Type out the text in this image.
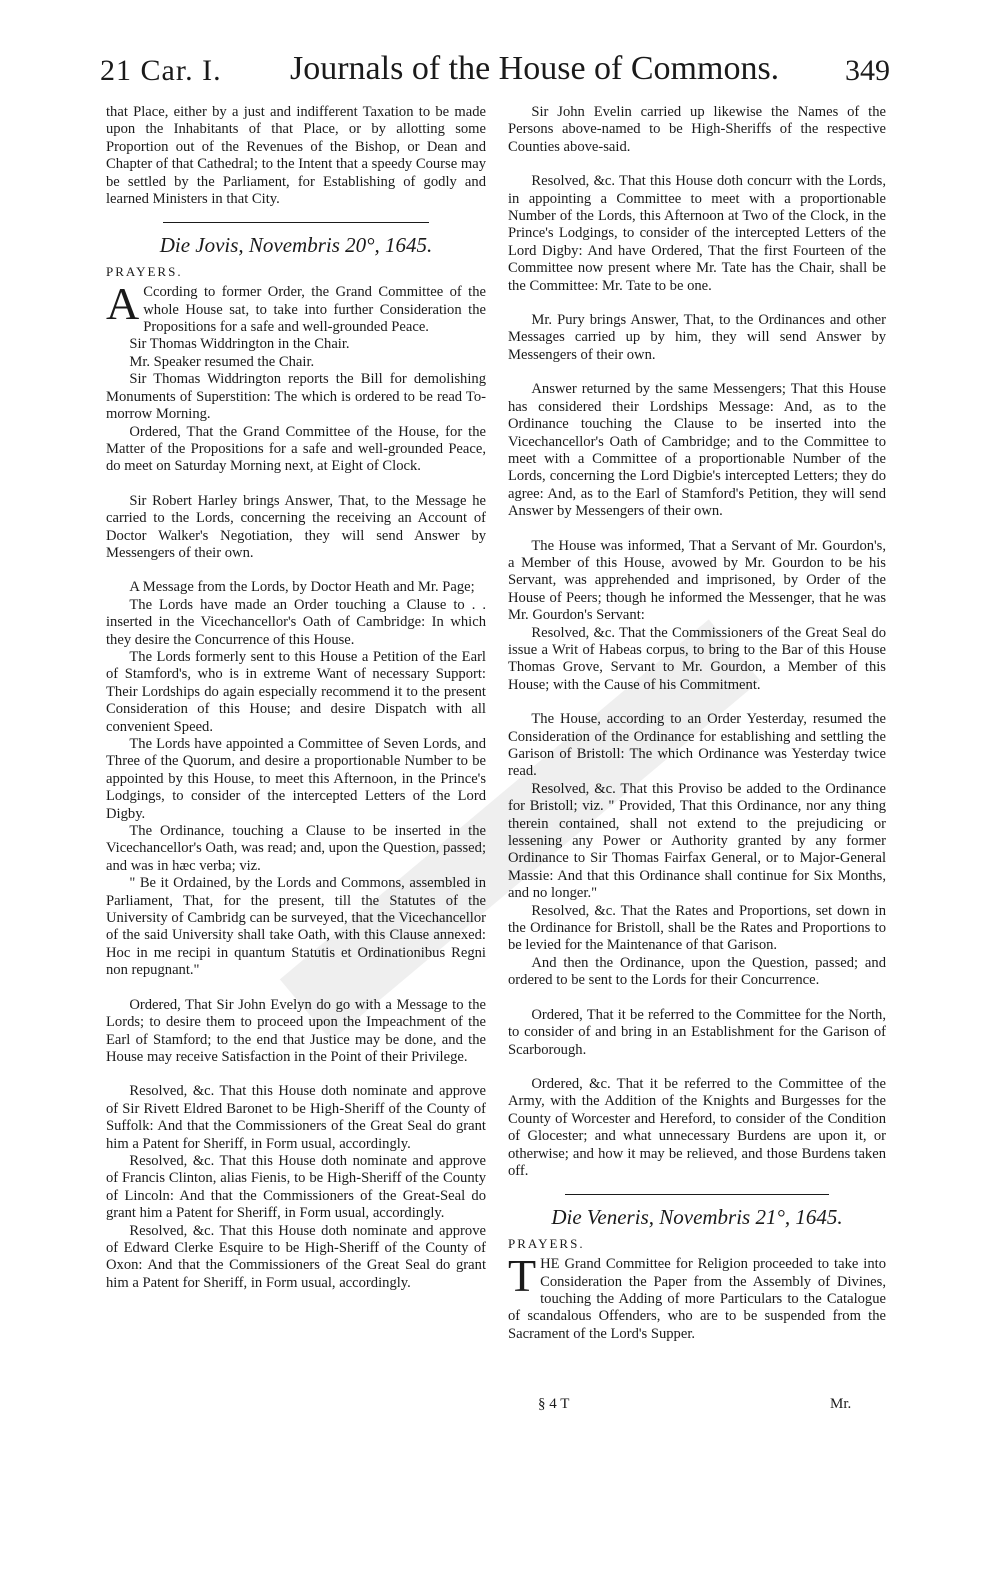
21 Car. I. Journals of the House of Commons. 349

that Place, either by a just and indifferent Taxation to be made upon the Inhabitants of that Place, or by allotting some Proportion out of the Revenues of the Bishop, or Dean and Chapter of that Cathedral; to the Intent that a speedy Course may be settled by the Parliament, for Establishing of godly and learned Ministers in that City.

Die Jovis, Novembris 20°, 1645.

PRAYERS.

A Ccording to former Order, the Grand Committee of the whole House sat, to take into further Consideration the Propositions for a safe and well-grounded Peace.

Sir Thomas Widdrington in the Chair.

Mr. Speaker resumed the Chair.

Sir Thomas Widdrington reports the Bill for demolishing Monuments of Superstition: The which is ordered to be read To-morrow Morning.

Ordered, That the Grand Committee of the House, for the Matter of the Propositions for a safe and well-grounded Peace, do meet on Saturday Morning next, at Eight of Clock.

Sir Robert Harley brings Answer, That, to the Message he carried to the Lords, concerning the receiving an Account of Doctor Walker's Negotiation, they will send Answer by Messengers of their own.

A Message from the Lords, by Doctor Heath and Mr. Page;

The Lords have made an Order touching a Clause to . . inserted in the Vicechancellor's Oath of Cambridge: In which they desire the Concurrence of this House.

The Lords formerly sent to this House a Petition of the Earl of Stamford's, who is in extreme Want of necessary Support: Their Lordships do again especially recommend it to the present Consideration of this House; and desire Dispatch with all convenient Speed.

The Lords have appointed a Committee of Seven Lords, and Three of the Quorum, and desire a proportionable Number to be appointed by this House, to meet this Afternoon, in the Prince's Lodgings, to consider of the intercepted Letters of the Lord Digby.

The Ordinance, touching a Clause to be inserted in the Vicechancellor's Oath, was read; and, upon the Question, passed; and was in hæc verba; viz.

" Be it Ordained, by the Lords and Commons, assembled in Parliament, That, for the present, till the Statutes of the University of Cambridg can be surveyed, that the Vicechancellor of the said University shall take Oath, with this Clause annexed: Hoc in me recipi in quantum Statutis et Ordinationibus Regni non repugnant."

Ordered, That Sir John Evelyn do go with a Message to the Lords; to desire them to proceed upon the Impeachment of the Earl of Stamford; to the end that Justice may be done, and the House may receive Satisfaction in the Point of their Privilege.

Resolved, &c. That this House doth nominate and approve of Sir Rivett Eldred Baronet to be High-Sheriff of the County of Suffolk: And that the Commissioners of the Great Seal do grant him a Patent for Sheriff, in Form usual, accordingly.

Resolved, &c. That this House doth nominate and approve of Francis Clinton, alias Fienis, to be High-Sheriff of the County of Lincoln: And that the Commissioners of the Great-Seal do grant him a Patent for Sheriff, in Form usual, accordingly.

Resolved, &c. That this House doth nominate and approve of Edward Clerke Esquire to be High-Sheriff of the County of Oxon: And that the Commissioners of the Great Seal do grant him a Patent for Sheriff, in Form usual, accordingly.

Sir John Evelin carried up likewise the Names of the Persons above-named to be High-Sheriffs of the respective Counties above-said.

Resolved, &c. That this House doth concurr with the Lords, in appointing a Committee to meet with a proportionable Number of the Lords, this Afternoon at Two of the Clock, in the Prince's Lodgings, to consider of the intercepted Letters of the Lord Digby: And have Ordered, That the first Fourteen of the Committee now present where Mr. Tate has the Chair, shall be the Committee: Mr. Tate to be one.

Mr. Pury brings Answer, That, to the Ordinances and other Messages carried up by him, they will send Answer by Messengers of their own.

Answer returned by the same Messengers; That this House has considered their Lordships Message: And, as to the Ordinance touching the Clause to be inserted into the Vicechancellor's Oath of Cambridge; and to the Committee to meet with a Committee of a proportionable Number of the Lords, concerning the Lord Digbie's intercepted Letters; they do agree: And, as to the Earl of Stamford's Petition, they will send Answer by Messengers of their own.

The House was informed, That a Servant of Mr. Gourdon's, a Member of this House, avowed by Mr. Gourdon to be his Servant, was apprehended and imprisoned, by Order of the House of Peers; though he informed the Messenger, that he was Mr. Gourdon's Servant:

Resolved, &c. That the Commissioners of the Great Seal do issue a Writ of Habeas corpus, to bring to the Bar of this House Thomas Grove, Servant to Mr. Gourdon, a Member of this House; with the Cause of his Commitment.

The House, according to an Order Yesterday, resumed the Consideration of the Ordinance for establishing and settling the Garison of Bristoll: The which Ordinance was Yesterday twice read.

Resolved, &c. That this Proviso be added to the Ordinance for Bristoll; viz. " Provided, That this Ordinance, nor any thing therein contained, shall not extend to the prejudicing or lessening any Power or Authority granted by any former Ordinance to Sir Thomas Fairfax General, or to Major-General Massie: And that this Ordinance shall continue for Six Months, and no longer."

Resolved, &c. That the Rates and Proportions, set down in the Ordinance for Bristoll, shall be the Rates and Proportions to be levied for the Maintenance of that Garison.

And then the Ordinance, upon the Question, passed; and ordered to be sent to the Lords for their Concurrence.

Ordered, That it be referred to the Committee for the North, to consider of and bring in an Establishment for the Garison of Scarborough.

Ordered, &c. That it be referred to the Committee of the Army, with the Addition of the Knights and Burgesses for the County of Worcester and Hereford, to consider of the Condition of Glocester; and what unnecessary Burdens are upon it, or otherwise; and how it may be relieved, and those Burdens taken off.

Die Veneris, Novembris 21°, 1645.

PRAYERS.

T HE Grand Committee for Religion proceeded to take into Consideration the Paper from the Assembly of Divines, touching the Adding of more Particulars to the Catalogue of scandalous Offenders, who are to be suspended from the Sacrament of the Lord's Supper.

§ 4 T	Mr.
